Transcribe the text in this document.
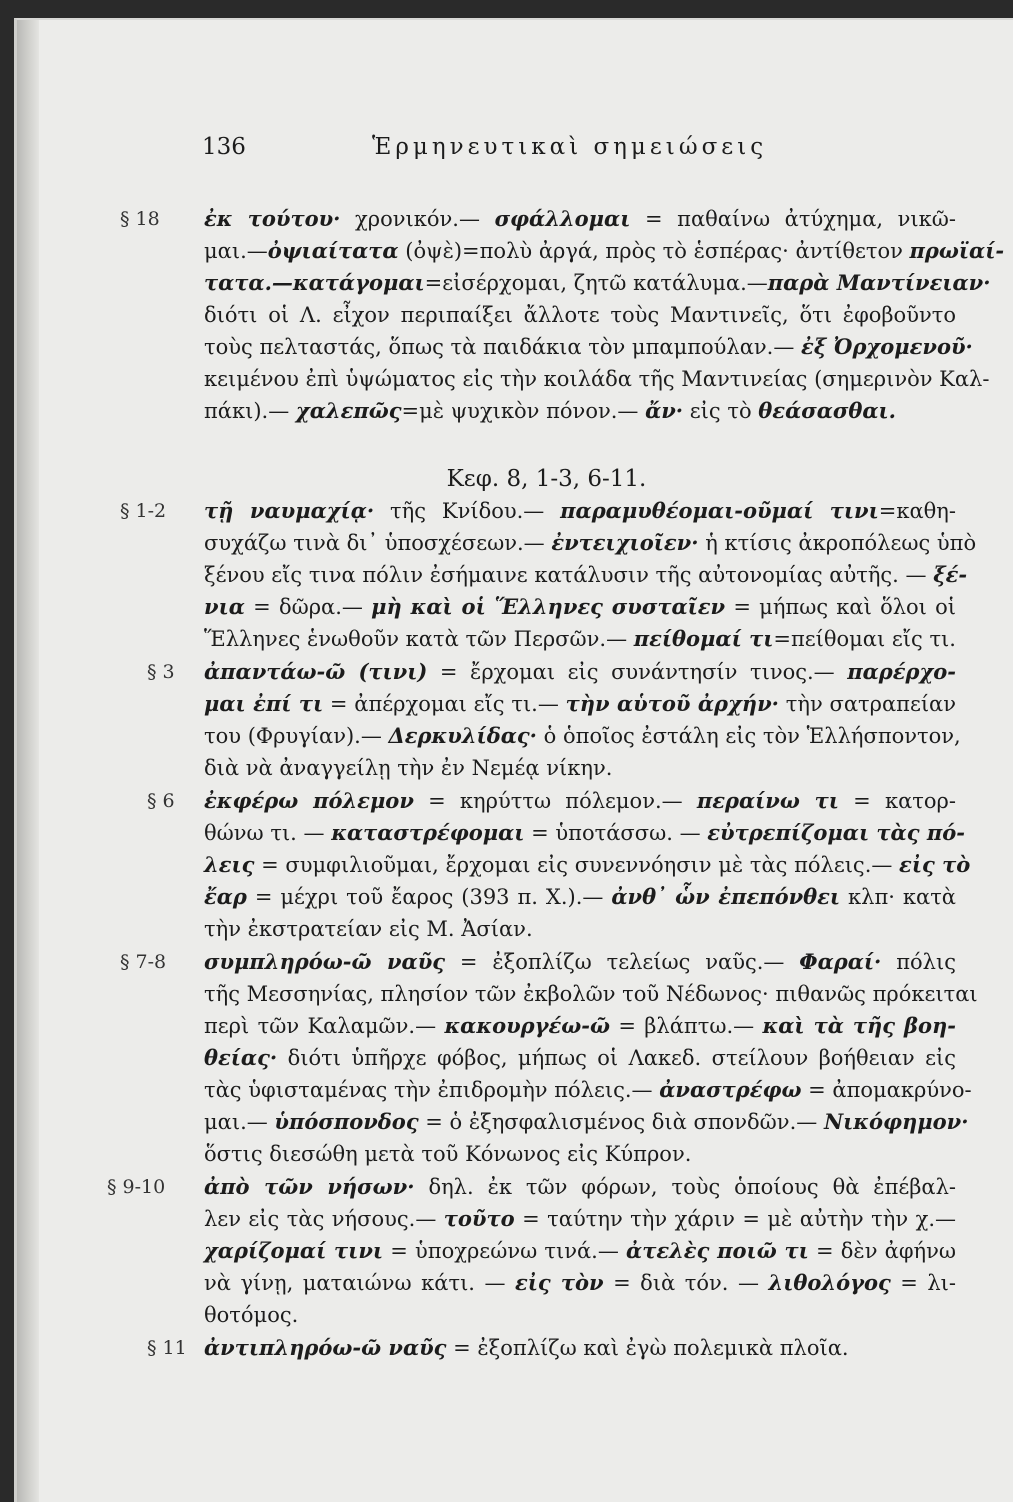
136	Ἑρμηνευτικαὶ σημειώσεις
§ 18 ἐκ τούτου· χρονικόν.— σφάλλομαι = παθαίνω ἀτύχημα, νικῶ-
μαι.—ὀψιαίτατα (ὀψὲ)=πολὺ ἀργά, πρὸς τὸ ἑσπέρας· ἀντίθετον πρωϊαί-
τατα.—κατάγομαι=εἰσέρχομαι, ζητῶ κατάλυμα.—παρὰ Μαντίνειαν·
διότι οἱ Λ. εἶχον περιπαίξει ἄλλοτε τοὺς Μαντινεῖς, ὅτι ἐφοβοῦντο
τοὺς πελταστάς, ὅπως τὰ παιδάκια τὸν μπαμπούλαν.— ἐξ Ὀρχομενοῦ·
κειμένου ἐπὶ ὑψώματος εἰς τὴν κοιλάδα τῆς Μαντινείας (σημερινὸν Καλ-
πάκι).— χαλεπῶς=μὲ ψυχικὸν πόνον.— ἄν· εἰς τὸ θεάσασθαι.
Κεφ. 8, 1-3, 6-11.
§ 1-2 τῇ ναυμαχίᾳ· τῆς Κνίδου.— παραμυθέομαι-οῦμαί τινι=καθη-
συχάζω τινὰ δι᾽ ὑποσχέσεων.— ἐντειχιοῖεν· ἡ κτίσις ἀκροπόλεως ὑπὸ
ξένου εἴς τινα πόλιν ἐσήμαινε κατάλυσιν τῆς αὐτονομίας αὐτῆς. — ξέ-
νια = δῶρα.— μὴ καὶ οἱ Ἕλληνες συσταῖεν = μήπως καὶ ὅλοι οἱ
Ἕλληνες ἑνωθοῦν κατὰ τῶν Περσῶν.— πείθομαί τι=πείθομαι εἴς τι.
§ 3 ἀπαντάω-ῶ (τινι) = ἔρχομαι εἰς συνάντησίν τινος.— παρέρχο-
μαι ἐπί τι = ἀπέρχομαι εἴς τι.— τὴν αὑτοῦ ἀρχήν· τὴν σατραπείαν
του (Φρυγίαν).— Δερκυλίδας· ὁ ὁποῖος ἐστάλη εἰς τὸν Ἑλλήσποντον,
διὰ νὰ ἀναγγείλῃ τὴν ἐν Νεμέᾳ νίκην.
§ 6 ἐκφέρω πόλεμον = κηρύττω πόλεμον.— περαίνω τι = κατορ-
θώνω τι. — καταστρέφομαι = ὑποτάσσω. — εὐτρεπίζομαι τὰς πό-
λεις = συμφιλιοῦμαι, ἔρχομαι εἰς συνεννόησιν μὲ τὰς πόλεις.— εἰς τὸ
ἔαρ = μέχρι τοῦ ἔαρος (393 π. Χ.).— ἀνθ᾽ ὧν ἐπεπόνθει κλπ· κατὰ
τὴν ἐκστρατείαν εἰς Μ. Ἀσίαν.
§ 7-8 συμπληρόω-ῶ ναῦς = ἐξοπλίζω τελείως ναῦς.— Φαραί· πόλις
τῆς Μεσσηνίας, πλησίον τῶν ἐκβολῶν τοῦ Νέδωνος· πιθανῶς πρόκειται
περὶ τῶν Καλαμῶν.— κακουργέω-ῶ = βλάπτω.— καὶ τὰ τῆς βοη-
θείας· διότι ὑπῆρχε φόβος, μήπως οἱ Λακεδ. στείλουν βοήθειαν εἰς
τὰς ὑφισταμένας τὴν ἐπιδρομὴν πόλεις.— ἀναστρέφω = ἀπομακρύνο-
μαι.— ὑπόσπονδος = ὁ ἐξησφαλισμένος διὰ σπονδῶν.— Νικόφημον·
ὅστις διεσώθη μετὰ τοῦ Κόνωνος εἰς Κύπρον.
§ 9-10 ἀπὸ τῶν νήσων· δηλ. ἐκ τῶν φόρων, τοὺς ὁποίους θὰ ἐπέβαλ-
λεν εἰς τὰς νήσους.— τοῦτο = ταύτην τὴν χάριν = μὲ αὐτὴν τὴν χ.—
χαρίζομαί τινι = ὑποχρεώνω τινά.— ἀτελὲς ποιῶ τι = δὲν ἀφήνω
νὰ γίνῃ, ματαιώνω κάτι. — εἰς τὸν = διὰ τόν. — λιθολόγος = λι-
θοτόμος.
§ 11 ἀντιπληρόω-ῶ ναῦς = ἐξοπλίζω καὶ ἐγὼ πολεμικὰ πλοῖα.
